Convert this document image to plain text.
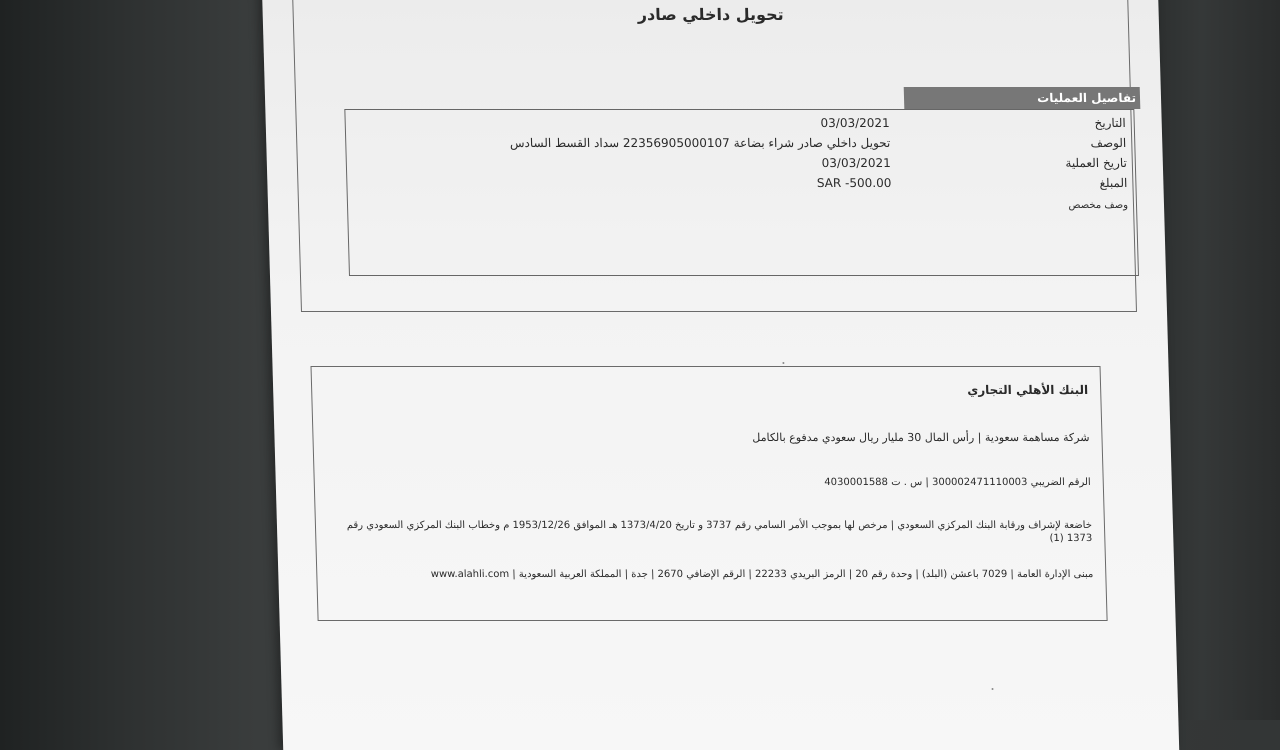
تحويل داخلي صادر
تفاصيل العمليات
التاريخ
03/03/2021
الوصف
تحويل داخلي صادر شراء بضاعة 22356905000107 سداد القسط السادس
تاريخ العملية
03/03/2021
المبلغ
SAR -500.00
وصف مخصص
البنك الأهلي التجاري
شركة مساهمة سعودية | رأس المال 30 مليار ريال سعودي مدفوع بالكامل
الرقم الضريبي 300002471110003 | س . ت 4030001588
خاضعة لإشراف ورقابة البنك المركزي السعودي | مرخص لها بموجب الأمر السامي رقم 3737 و تاريخ 1373/4/20 هـ الموافق 1953/12/26 م وخطاب البنك المركزي السعودي رقم 1373 (1)
مبنى الإدارة العامة | 7029 باعشن (البلد) | وحدة رقم 20 | الرمز البريدي 22233 | الرقم الإضافي 2670 | جدة | المملكة العربية السعودية | www.alahli.com
